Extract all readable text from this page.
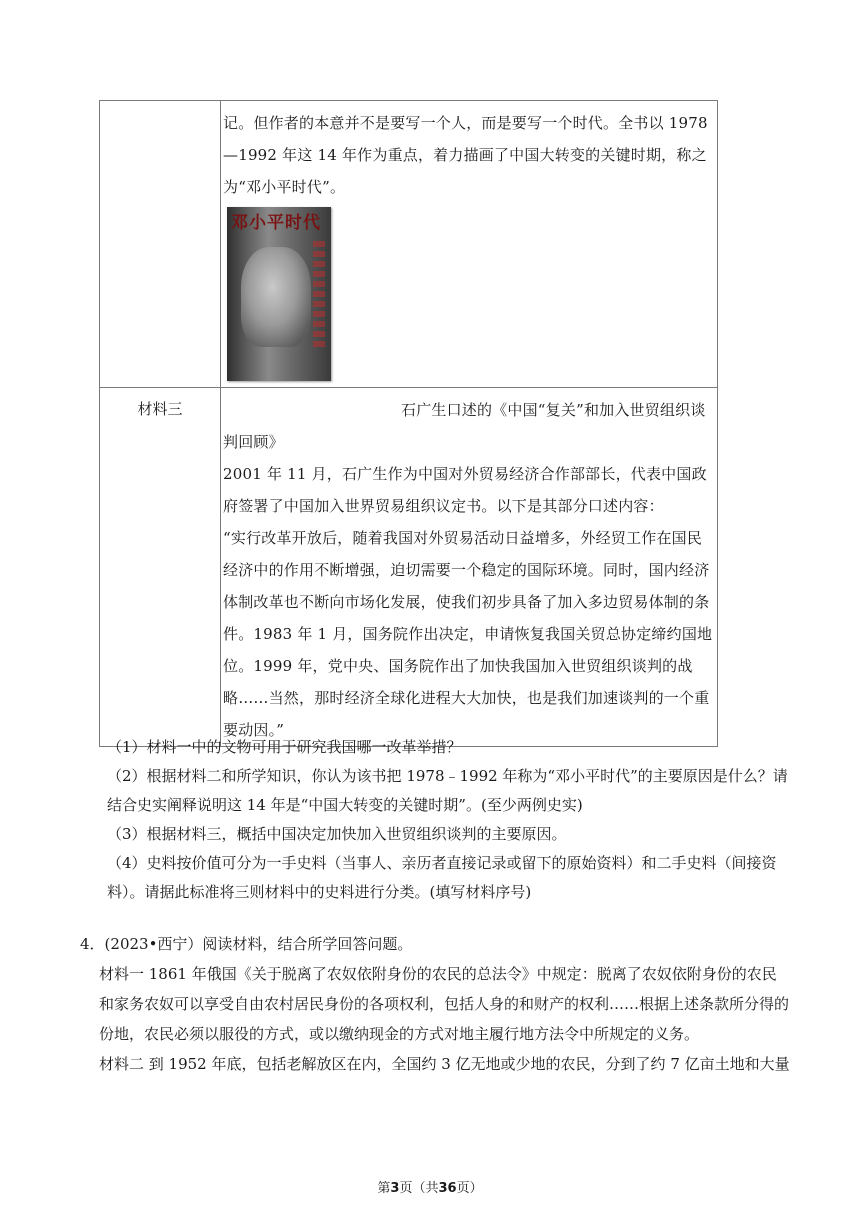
	记。但作者的本意并不是要写一个人，而是要写一个时代。全书以 1978—1992 年这 14 年作为重点，着力描画了中国大转变的关键时期，称之为“邓小平时代”。

邓小平时代

材料三	石广生口述的《中国“复关”和加入世贸组织谈判回顾》

2001 年 11 月，石广生作为中国对外贸易经济合作部部长，代表中国政府签署了中国加入世界贸易组织议定书。以下是其部分口述内容：

“实行改革开放后，随着我国对外贸易活动日益增多，外经贸工作在国民经济中的作用不断增强，迫切需要一个稳定的国际环境。同时，国内经济体制改革也不断向市场化发展，使我们初步具备了加入多边贸易体制的条件。1983 年 1 月，国务院作出决定，申请恢复我国关贸总协定缔约国地位。1999 年，党中央、国务院作出了加快我国加入世贸组织谈判的战略……当然，那时经济全球化进程大大加快，也是我们加速谈判的一个重要动因。”

（1）材料一中的文物可用于研究我国哪一改革举措？

（2）根据材料二和所学知识，你认为该书把 1978﹣1992 年称为“邓小平时代”的主要原因是什么？请结合史实阐释说明这 14 年是“中国大转变的关键时期”。(至少两例史实)

（3）根据材料三，概括中国决定加快加入世贸组织谈判的主要原因。

（4）史料按价值可分为一手史料（当事人、亲历者直接记录或留下的原始资料）和二手史料（间接资料）。请据此标准将三则材料中的史料进行分类。(填写材料序号)

4．(2023•西宁）阅读材料，结合所学回答问题。

材料一 1861 年俄国《关于脱离了农奴依附身份的农民的总法令》中规定：脱离了农奴依附身份的农民和家务农奴可以享受自由农村居民身份的各项权利，包括人身的和财产的权利……根据上述条款所分得的份地，农民必须以服役的方式，或以缴纳现金的方式对地主履行地方法令中所规定的义务。

材料二 到 1952 年底，包括老解放区在内，全国约 3 亿无地或少地的农民，分到了约 7 亿亩土地和大量

第3页（共36页）
